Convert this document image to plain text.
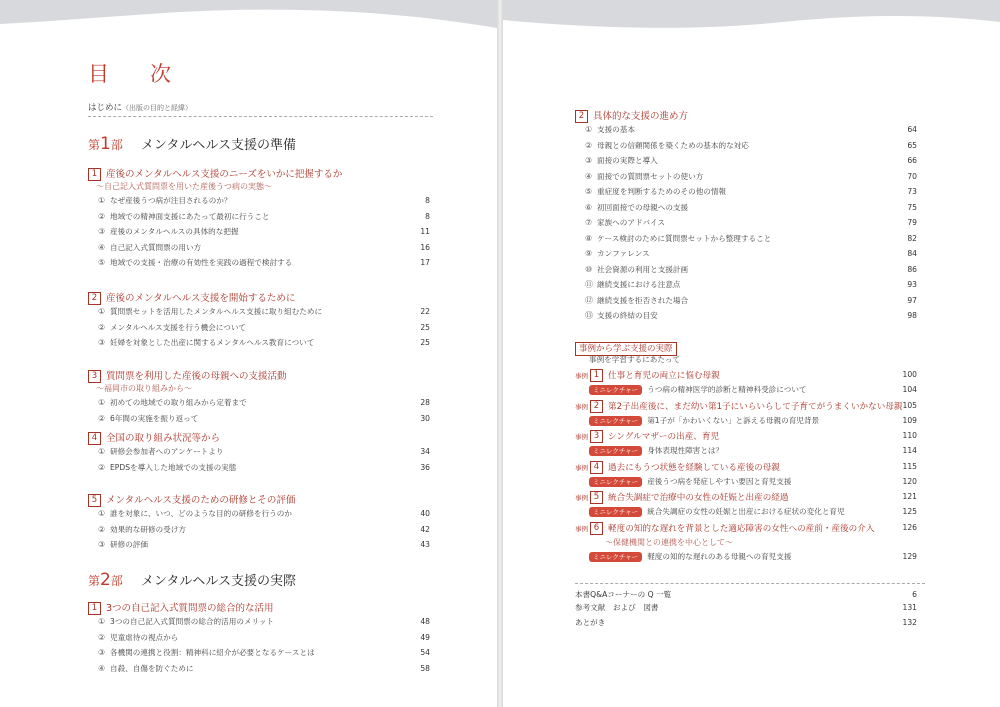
目　次
はじめに（出版の目的と経緯）
第1部 メンタルヘルス支援の準備
1 産後のメンタルヘルス支援のニーズをいかに把握するか
～自己記入式質問票を用いた産後うつ病の実態～
① なぜ産後うつ病が注目されるのか？	8
② 地域での精神面支援にあたって最初に行うこと	8
③ 産後のメンタルヘルスの具体的な把握	11
④ 自己記入式質問票の用い方	16
⑤ 地域での支援・治療の有効性を実践の過程で検討する	17
2 産後のメンタルヘルス支援を開始するために
① 質問票セットを活用したメンタルヘルス支援に取り組むために	22
② メンタルヘルス支援を行う機会について	25
③ 妊婦を対象とした出産に関するメンタルヘルス教育について	25
3 質問票を利用した産後の母親への支援活動
～福岡市の取り組みから～
① 初めての地域での取り組みから定着まで	28
② 6年間の実施を振り返って	30
4 全国の取り組み状況等から
① 研修会参加者へのアンケートより	34
② EPDSを導入した地域での支援の実態	36
5 メンタルヘルス支援のための研修とその評価
① 誰を対象に、いつ、どのような目的の研修を行うのか	40
② 効果的な研修の受け方	42
③ 研修の評価	43
第2部 メンタルヘルス支援の実際
1 3つの自己記入式質問票の総合的な活用
① 3つの自己記入式質問票の総合的活用のメリット	48
② 児童虐待の視点から	49
③ 各機関の連携と役割：精神科に紹介が必要となるケースとは	54
④ 自殺、自傷を防ぐために	58
2 具体的な支援の進め方
① 支援の基本	64
② 母親との信頼関係を築くための基本的な対応	65
③ 面接の実際と導入	66
④ 面接での質問票セットの使い方	70
⑤ 重症度を判断するためのその他の情報	73
⑥ 初回面接での母親への支援	75
⑦ 家族へのアドバイス	79
⑧ ケース検討のために質問票セットから整理すること	82
⑨ カンファレンス	84
⑩ 社会資源の利用と支援計画	86
⑪ 継続支援における注意点	93
⑫ 継続支援を拒否された場合	97
⑬ 支援の終結の目安	98
事例から学ぶ支援の実際
事例を学習するにあたって
事例 1 仕事と育児の両立に悩む母親	100
ミニレクチャー うつ病の精神医学的診断と精神科受診について	104
事例 2 第2子出産後に、まだ幼い第1子にいらいらして子育てがうまくいかない母親 105
ミニレクチャー 第1子が「かわいくない」と訴える母親の育児背景	109
事例 3 シングルマザーの出産、育児	110
ミニレクチャー 身体表現性障害とは？	114
事例 4 過去にもうつ状態を経験している産後の母親	115
ミニレクチャー 産後うつ病を発症しやすい要因と育児支援	120
事例 5 統合失調症で治療中の女性の妊娠と出産の経過	121
ミニレクチャー 統合失調症の女性の妊娠と出産における症状の変化と育児	125
事例 6 軽度の知的な遅れを背景とした適応障害の女性への産前・産後の介入	126
～保健機関との連携を中心として～
ミニレクチャー 軽度の知的な遅れのある母親への育児支援	129
本書Q&Aコーナーの Q 一覧	6
参考文献　および　図書	131
あとがき	132
